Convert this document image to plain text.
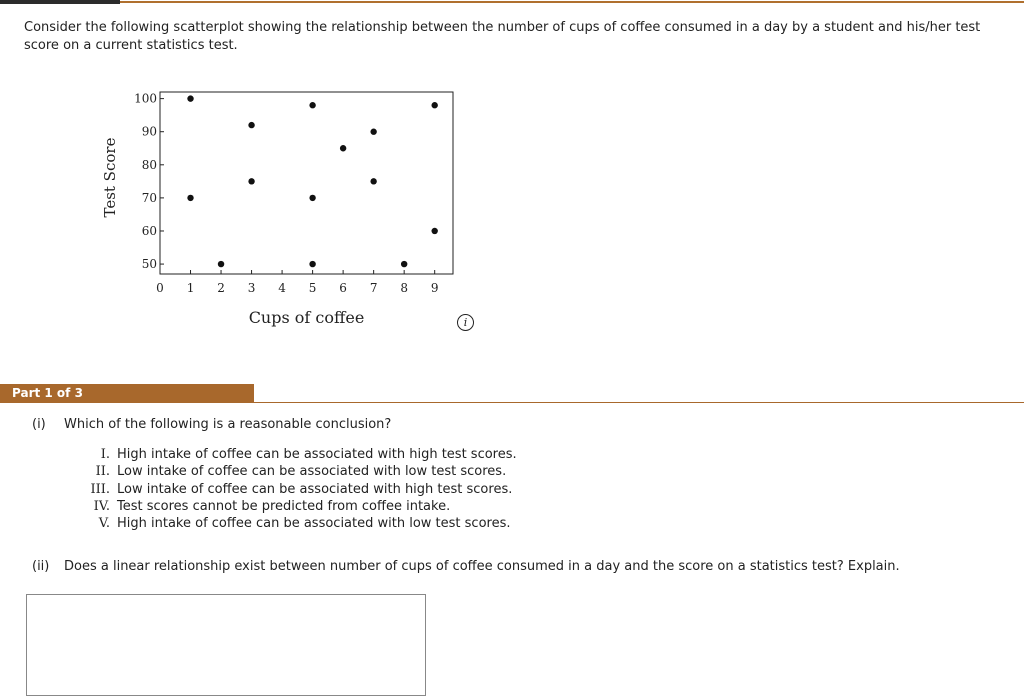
Consider the following scatterplot showing the relationship between the number of cups of coffee consumed in a day by a student and his/her test score on a current statistics test.
50
60
70
80
90
100
0 1 2 3 4 5 6 7 8 9
Cups of coffee
Test Score
i
Part 1 of 3
(i) Which of the following is a reasonable conclusion?
I. High intake of coffee can be associated with high test scores.
II. Low intake of coffee can be associated with low test scores.
III. Low intake of coffee can be associated with high test scores.
IV. Test scores cannot be predicted from coffee intake.
V. High intake of coffee can be associated with low test scores.
(ii) Does a linear relationship exist between number of cups of coffee consumed in a day and the score on a statistics test? Explain.
